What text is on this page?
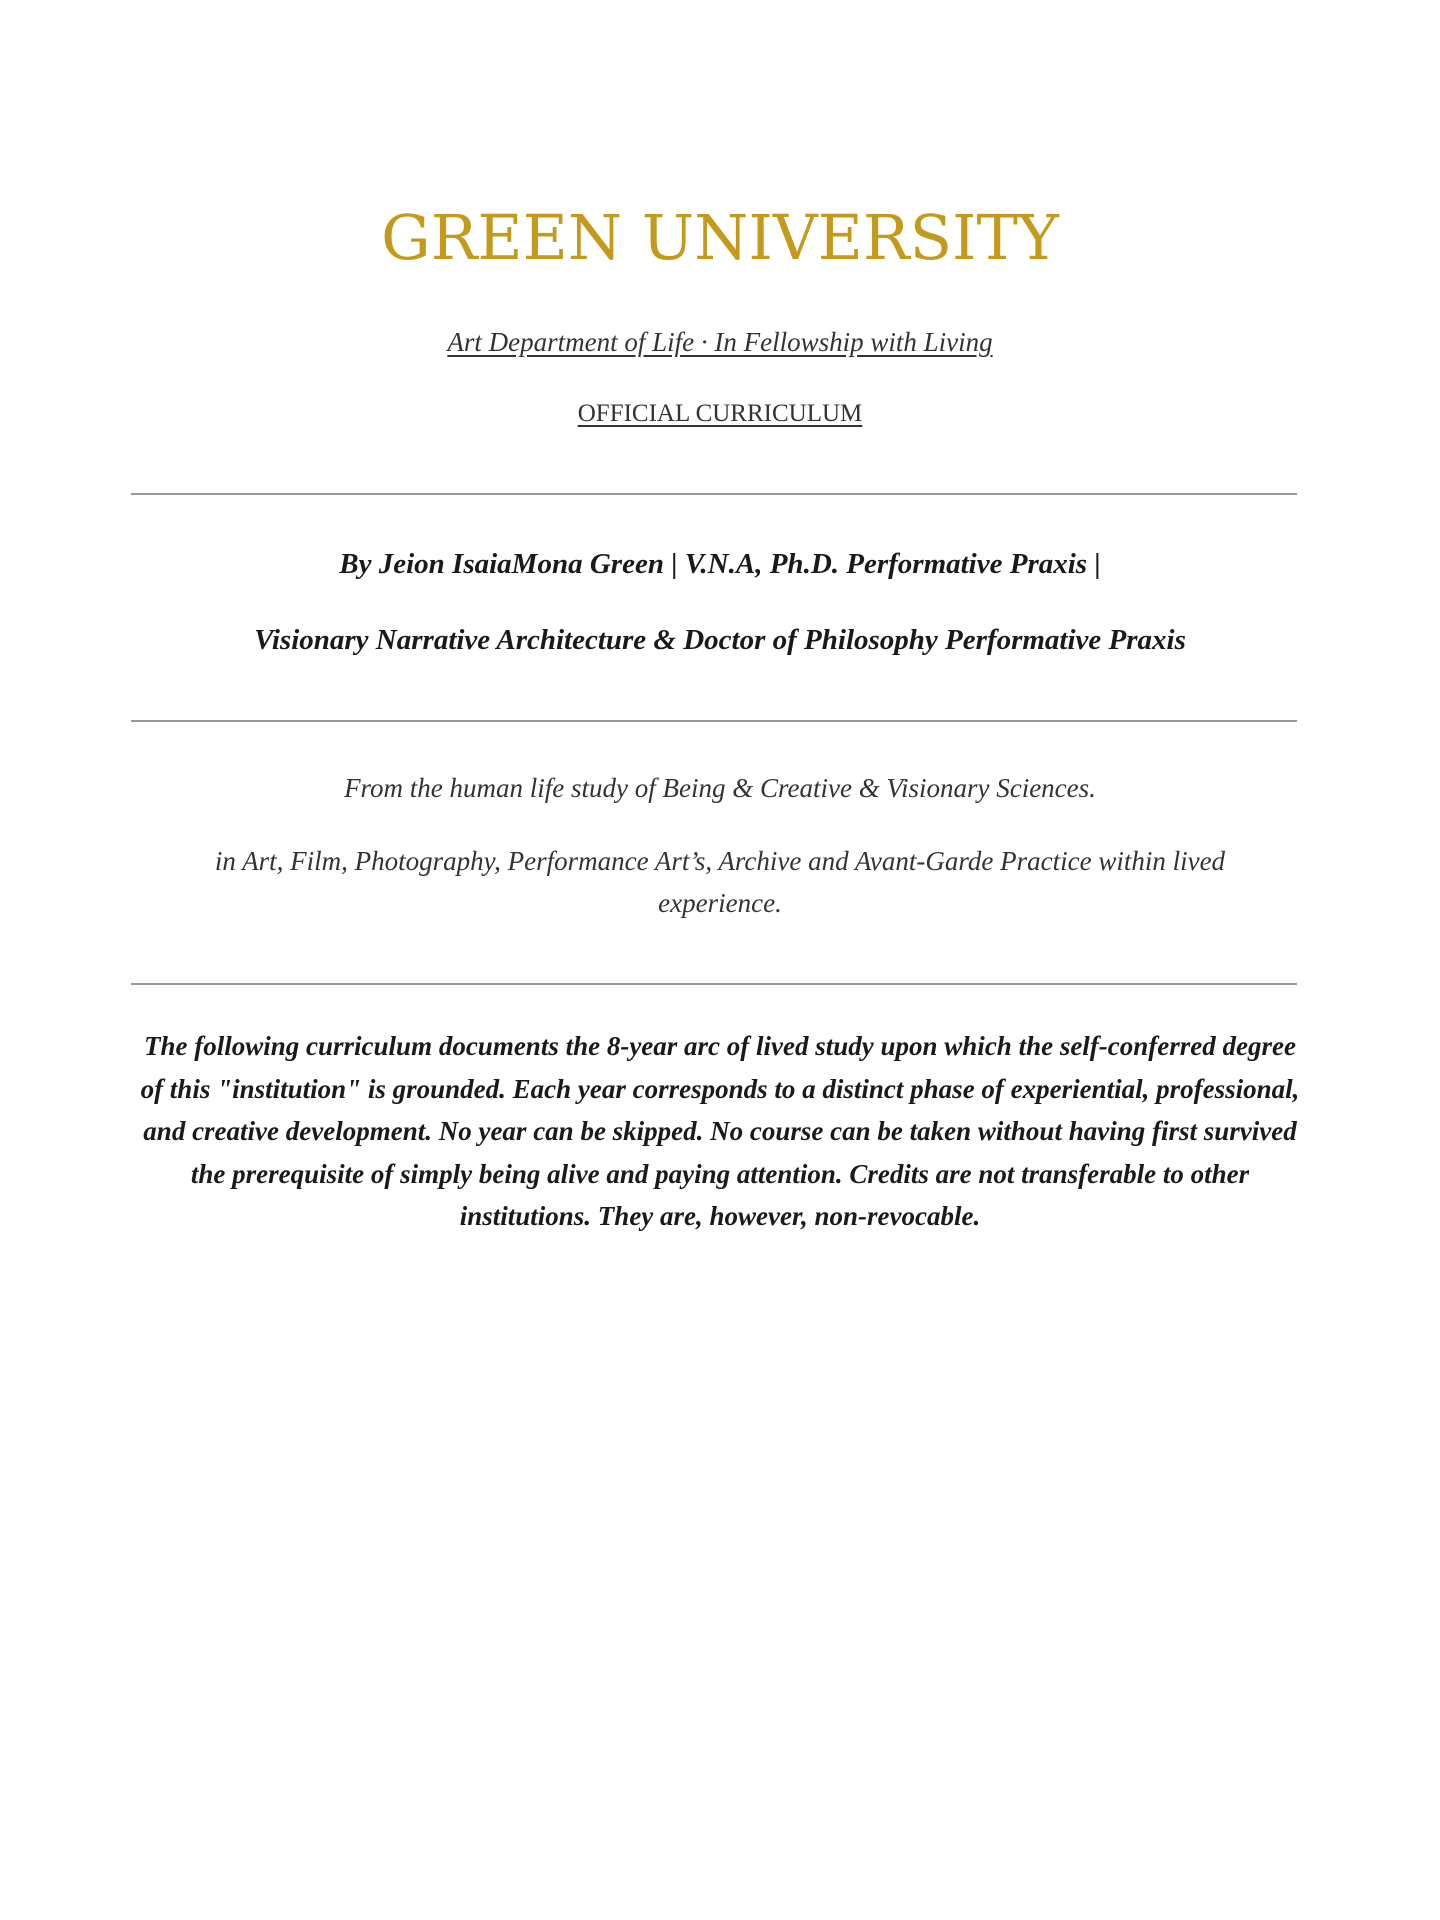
GREEN UNIVERSITY
Art Department of Life · In Fellowship with Living
OFFICIAL CURRICULUM
By Jeion IsaiaMona Green | V.N.A, Ph.D. Performative Praxis |
Visionary Narrative Architecture & Doctor of Philosophy Performative Praxis
From the human life study of Being & Creative & Visionary Sciences.
in Art, Film, Photography, Performance Art’s, Archive and Avant-Garde Practice within lived experience.

The following curriculum documents the 8-year arc of lived study upon which the self-conferred degree of this "institution" is grounded. Each year corresponds to a distinct phase of experiential, professional, and creative development. No year can be skipped. No course can be taken without having first survived the prerequisite of simply being alive and paying attention. Credits are not transferable to other institutions. They are, however, non-revocable.
